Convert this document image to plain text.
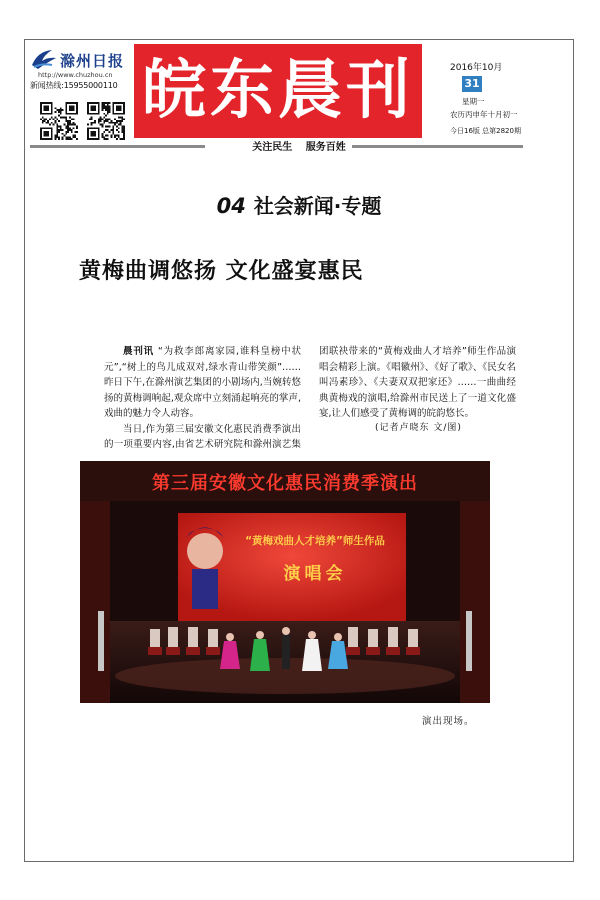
滁州日报
http://www.chuzhou.cn
新闻热线:15955000110 皖东晨刊	2016年10月
31
星期一
农历丙申年十月初一
今日16版 总第2820期
关注民生 服务百姓
04 社会新闻·专题
黄梅曲调悠扬 文化盛宴惠民

晨刊讯 “为救李郎离家园,谁料皇榜中状元”,“树上的鸟儿成双对,绿水青山带笑颜”……昨日下午,在滁州演艺集团的小剧场内,当婉转悠扬的黄梅调响起,观众席中立刻涌起响亮的掌声,戏曲的魅力令人动容。

当日,作为第三届安徽文化惠民消费季演出的一项重要内容,由省艺术研究院和滁州演艺集团联袂带来的“黄梅戏曲人才培养”师生作品演唱会精彩上演。《唱徽州》、《好了歌》、《民女名叫冯素珍》、《夫妻双双把家还》……一曲曲经典黄梅戏的演唱,给滁州市民送上了一道文化盛宴,让人们感受了黄梅调的皖韵悠长。

(记者卢晓东 文/图)
第三届安徽文化惠民消费季演出
“黄梅戏曲人才培养”师生作品
演唱会
演出现场。
